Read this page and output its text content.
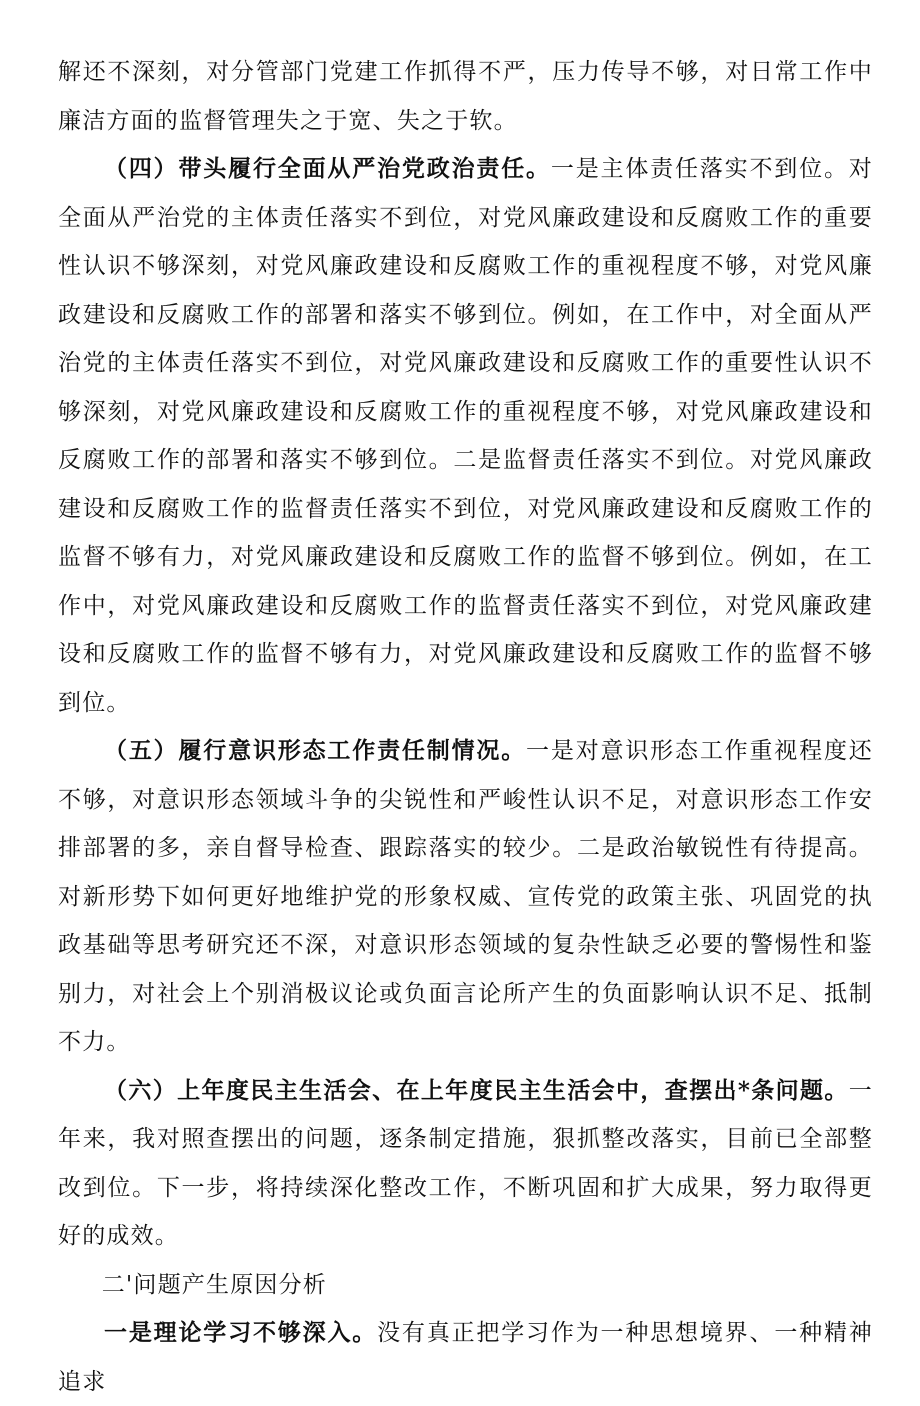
解还不深刻，对分管部门党建工作抓得不严，压力传导不够，对日常工作中廉洁方面的监督管理失之于宽、失之于软。

（四）带头履行全面从严治党政治责任。一是主体责任落实不到位。对全面从严治党的主体责任落实不到位，对党风廉政建设和反腐败工作的重要性认识不够深刻，对党风廉政建设和反腐败工作的重视程度不够，对党风廉政建设和反腐败工作的部署和落实不够到位。例如，在工作中，对全面从严治党的主体责任落实不到位，对党风廉政建设和反腐败工作的重要性认识不够深刻，对党风廉政建设和反腐败工作的重视程度不够，对党风廉政建设和反腐败工作的部署和落实不够到位。二是监督责任落实不到位。对党风廉政建设和反腐败工作的监督责任落实不到位，对党风廉政建设和反腐败工作的监督不够有力，对党风廉政建设和反腐败工作的监督不够到位。例如，在工作中，对党风廉政建设和反腐败工作的监督责任落实不到位，对党风廉政建设和反腐败工作的监督不够有力，对党风廉政建设和反腐败工作的监督不够到位。

（五）履行意识形态工作责任制情况。一是对意识形态工作重视程度还不够，对意识形态领域斗争的尖锐性和严峻性认识不足，对意识形态工作安排部署的多，亲自督导检查、跟踪落实的较少。二是政治敏锐性有待提高。对新形势下如何更好地维护党的形象权威、宣传党的政策主张、巩固党的执政基础等思考研究还不深，对意识形态领域的复杂性缺乏必要的警惕性和鉴别力，对社会上个别消极议论或负面言论所产生的负面影响认识不足、抵制不力。

（六）上年度民主生活会、在上年度民主生活会中，查摆出*条问题。一年来，我对照查摆出的问题，逐条制定措施，狠抓整改落实，目前已全部整改到位。下一步，将持续深化整改工作，不断巩固和扩大成果，努力取得更好的成效。

二'问题产生原因分析

一是理论学习不够深入。没有真正把学习作为一种思想境界、一种精神追求
